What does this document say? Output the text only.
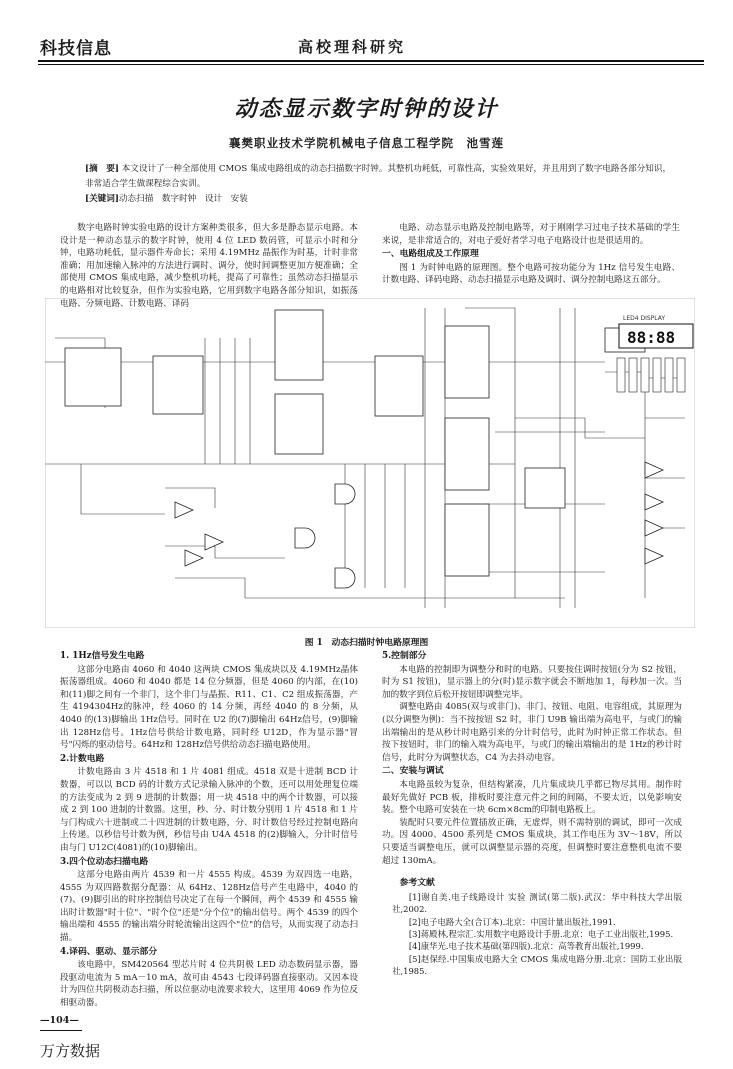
科技信息	高校理科研究
动态显示数字时钟的设计
襄樊职业技术学院机械电子信息工程学院　池雪莲
[摘　要] 本文设计了一种全部使用 CMOS 集成电路组成的动态扫描数字时钟。其整机功耗低，可靠性高，实验效果好，并且用到了数字电路各部分知识，非常适合学生做课程综合实训。
[关键词]动态扫描　数字时钟　设计　安装

数字电路时钟实验电路的设计方案种类很多，但大多是静态显示电路。本设计是一种动态显示的数字时钟，使用 4 位 LED 数码管，可显示小时和分钟，电路功耗低，显示器件寿命长；采用 4.19MHz 晶振作为时基，计时非常准确；用加速输入脉冲的方法进行调时、调分，使时间调整更加方便准确；全部使用 CMOS 集成电路，减少整机功耗，提高了可靠性；虽然动态扫描显示的电路相对比较复杂，但作为实验电路，它用到数字电路各部分知识，如振荡电路、分频电路、计数电路、译码

电路、动态显示电路及控制电路等，对于刚刚学习过电子技术基础的学生来说，是非常适合的，对电子爱好者学习电子电路设计也是很适用的。

一、电路组成及工作原理

图 1 为时钟电路的原理图。整个电路可按功能分为 1Hz 信号发生电路、计数电路、译码电路、动态扫描显示电路及调时、调分控制电路这五部分。

LED4 DISPLAY
88:88
图 1　动态扫描时钟电路原理图
1. 1Hz信号发生电路

这部分电路由 4060 和 4040 这两块 CMOS 集成块以及 4.19MHz晶体振荡器组成。4060 和 4040 都是 14 位分频器，但是 4060 的内部，在(10)和(11)脚之间有一个非门，这个非门与晶振、R11、C1、C2 组成振荡器，产生 4194304Hz的脉冲，经 4060 的 14 分频，再经 4040 的 8 分频，从 4040 的(13)脚输出 1Hz信号。同时在 U2 的(7)脚输出 64Hz信号，(9)脚输出 128Hz信号。1Hz信号供给计数电路，同时经 U12D，作为显示器"冒号"闪烁的驱动信号。64Hz和 128Hz信号供给动态扫描电路使用。

2.计数电路

计数电路由 3 片 4518 和 1 片 4081 组成。4518 双是十进制 BCD 计数器，可以以 BCD 码的计数方式记录输入脉冲的个数，还可以用处理复位端的方法变成为 2 到 9 进制的计数器；用一块 4518 中的两个计数器，可以接成 2 到 100 进制的计数器。这里，秒、分、时计数分别用 1 片 4518 和 1 片与门构成六十进制或二十四进制的计数电路，分、时计数信号经过控制电路向上传递。以秒信号计数为例，秒信号由 U4A 4518 的(2)脚输入，分计时信号由与门 U12C(4081)的(10)脚输出。

3.四个位动态扫描电路

这部分电路由两片 4539 和一片 4555 构成。4539 为双四选一电路，4555 为双四路数据分配器：从 64Hz、128Hz信号产生电路中，4040 的(7)、(9)脚引出的时序控制信号决定了在每一个瞬间，两个 4539 和 4555 输出时计数器"时十位"、"时个位"还是"分个位"的输出信号。两个 4539 的四个输出端和 4555 的输出端分时轮流输出这四个"位"的信号，从而实现了动态扫描。

4.译码、驱动、显示部分

该电路中，SM420564 型芯片时 4 位共阴极 LED 动态数码显示器，器段驱动电流为 5 mA－10 mA，故可由 4543 七段译码器直接驱动。又因本设计为四位共阴极动态扫描，所以位驱动电流要求较大，这里用 4069 作为位反相驱动器。

5.控制部分

本电路的控制即为调整分和时的电路。只要按住调时按钮(分为 S2 按钮，时为 S1 按钮)，显示器上的分(时)显示数字就会不断地加 1，每秒加一次。当加的数字到位后松开按钮即调整完毕。

调整电路由 4085(双与或非门)、非门、按钮、电阻、电容组成，其原理为(以分调整为例)：当不按按钮 S2 时，非门 U9B 输出端为高电平，与或门的输出端输出的是从秒计时电路引来的分计时信号，此时为时钟正常工作状态。但按下按钮时，非门的输入端为高电平，与或门的输出端输出的是 1Hz的秒计时信号，此时分为调整状态，C4 为去抖动电容。

二、安装与调试

本电路虽较为复杂，但结构紧凑，几片集成块几乎都已物尽其用。制作时最好先做好 PCB 板，排板时要注意元件之间的间隔，不要太近，以免影响安装。整个电路可安装在一块 6cm×8cm的印制电路板上。

装配时只要元件位置插放正确，无虚焊，则不需特别的调试，即可一次成功。因 4000、4500 系列是 CMOS 集成块，其工作电压为 3V～18V，所以只要适当调整电压，就可以调整显示器的亮度，但调整时要注意整机电流不要超过 130mA。

参考文献

[1]谢自美.电子线路设计 实验 测试(第二版).武汉：华中科技大学出版社,2002.

[2]电子电路大全(合订本).北京：中国计量出版社,1991.

[3]蒋殿林,程宗汇.实用数字电路设计手册.北京：电子工业出版社,1995.

[4]康华光.电子技术基础(第四版).北京：高等教育出版社,1999.

[5]赵保经.中国集成电路大全 CMOS 集成电路分册.北京：国防工业出版社,1985.

—104—
万方数据
